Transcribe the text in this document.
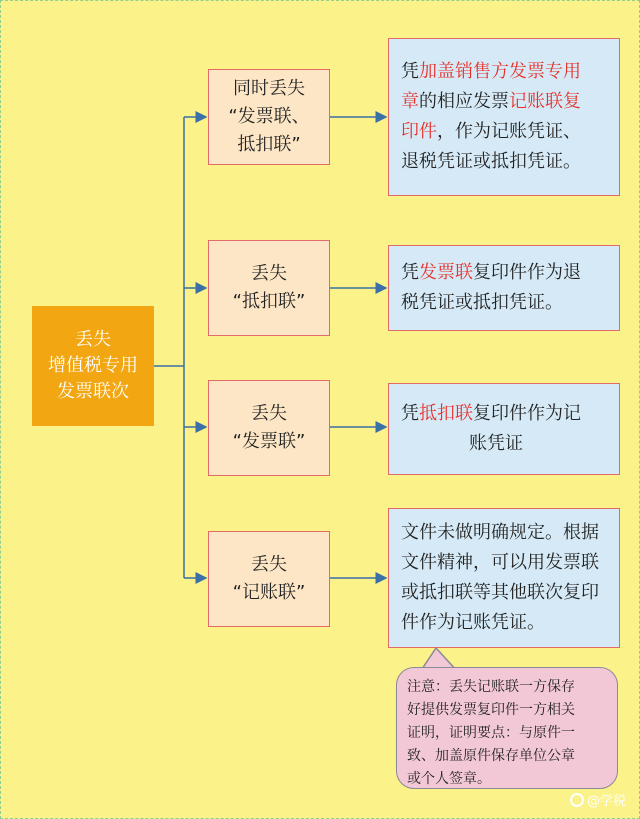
丢失
增值税专用
发票联次
同时丢失
“发票联、
抵扣联”
丢失
“抵扣联”
丢失
“发票联”
丢失
“记账联”
凭加盖销售方发票专用
章的相应发票记账联复
印件，作为记账凭证、
退税凭证或抵扣凭证。
凭发票联复印件作为退
税凭证或抵扣凭证。
凭抵扣联复印件作为记
账凭证
文件未做明确规定。根据
文件精神，可以用发票联
或抵扣联等其他联次复印
件作为记账凭证。
注意：丢失记账联一方保存
好提供发票复印件一方相关
证明，证明要点：与原件一
致、加盖原件保存单位公章
或个人签章。
@学税
